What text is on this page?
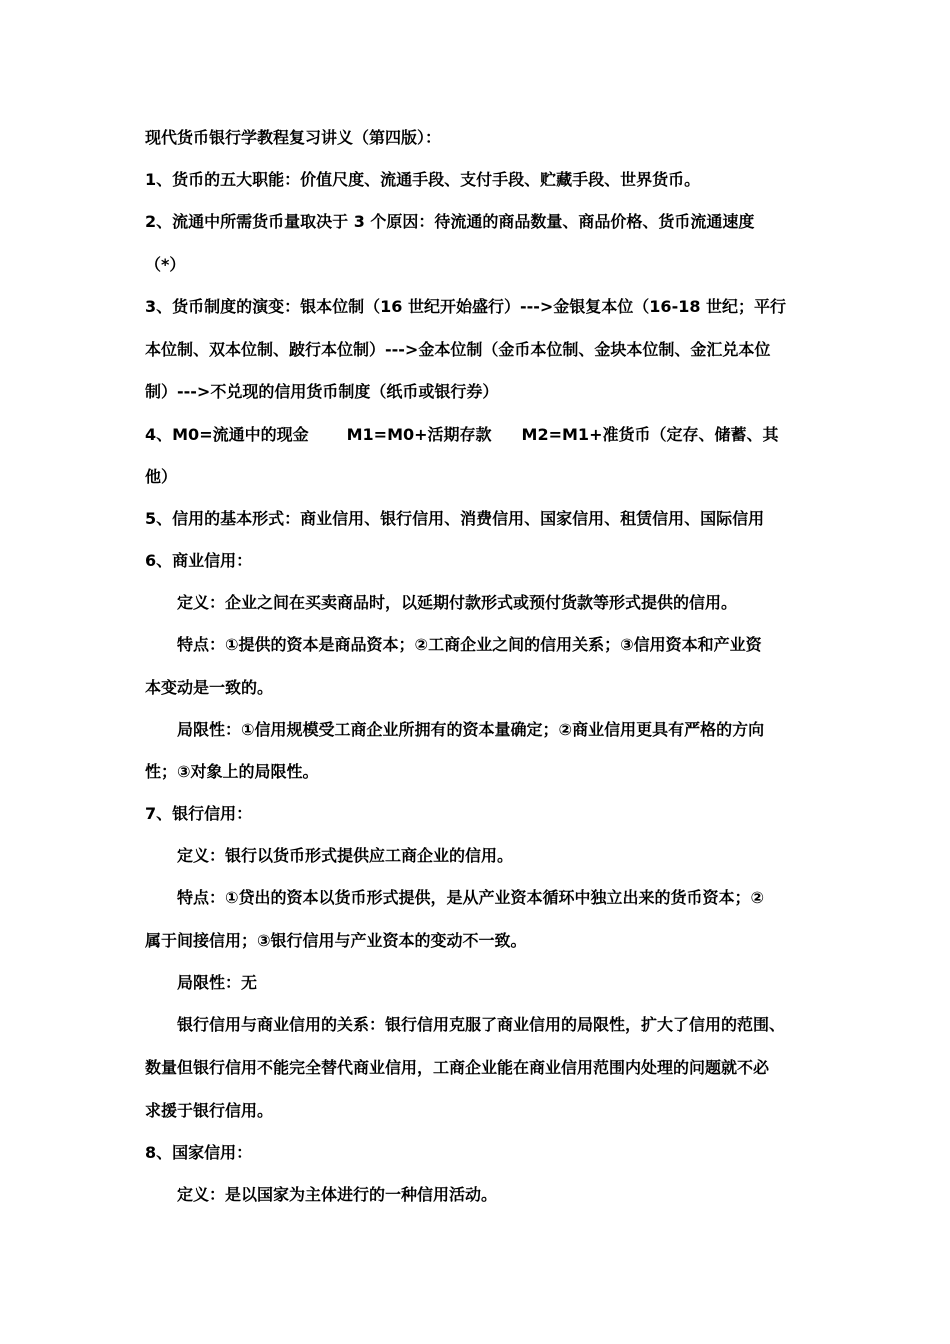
现代货币银行学教程复习讲义（第四版）：
1、货币的五大职能：价值尺度、流通手段、支付手段、贮藏手段、世界货币。
2、流通中所需货币量取决于 3 个原因：待流通的商品数量、商品价格、货币流通速度
（*）
3、货币制度的演变：银本位制（16 世纪开始盛行）--->金银复本位（16-18 世纪；平行
本位制、双本位制、跛行本位制）--->金本位制（金币本位制、金块本位制、金汇兑本位
制）--->不兑现的信用货币制度（纸币或银行券）
4、M0=流通中的现金 M1=M0+活期存款 M2=M1+准货币（定存、储蓄、其
他）
5、信用的基本形式：商业信用、银行信用、消费信用、国家信用、租赁信用、国际信用
6、商业信用：
定义：企业之间在买卖商品时，以延期付款形式或预付货款等形式提供的信用。
特点：①提供的资本是商品资本；②工商企业之间的信用关系；③信用资本和产业资
本变动是一致的。
局限性：①信用规模受工商企业所拥有的资本量确定；②商业信用更具有严格的方向
性；③对象上的局限性。
7、银行信用：
定义：银行以货币形式提供应工商企业的信用。
特点：①贷出的资本以货币形式提供，是从产业资本循环中独立出来的货币资本；②
属于间接信用；③银行信用与产业资本的变动不一致。
局限性：无
银行信用与商业信用的关系：银行信用克服了商业信用的局限性，扩大了信用的范围、
数量但银行信用不能完全替代商业信用，工商企业能在商业信用范围内处理的问题就不必
求援于银行信用。
8、国家信用：
定义：是以国家为主体进行的一种信用活动。
